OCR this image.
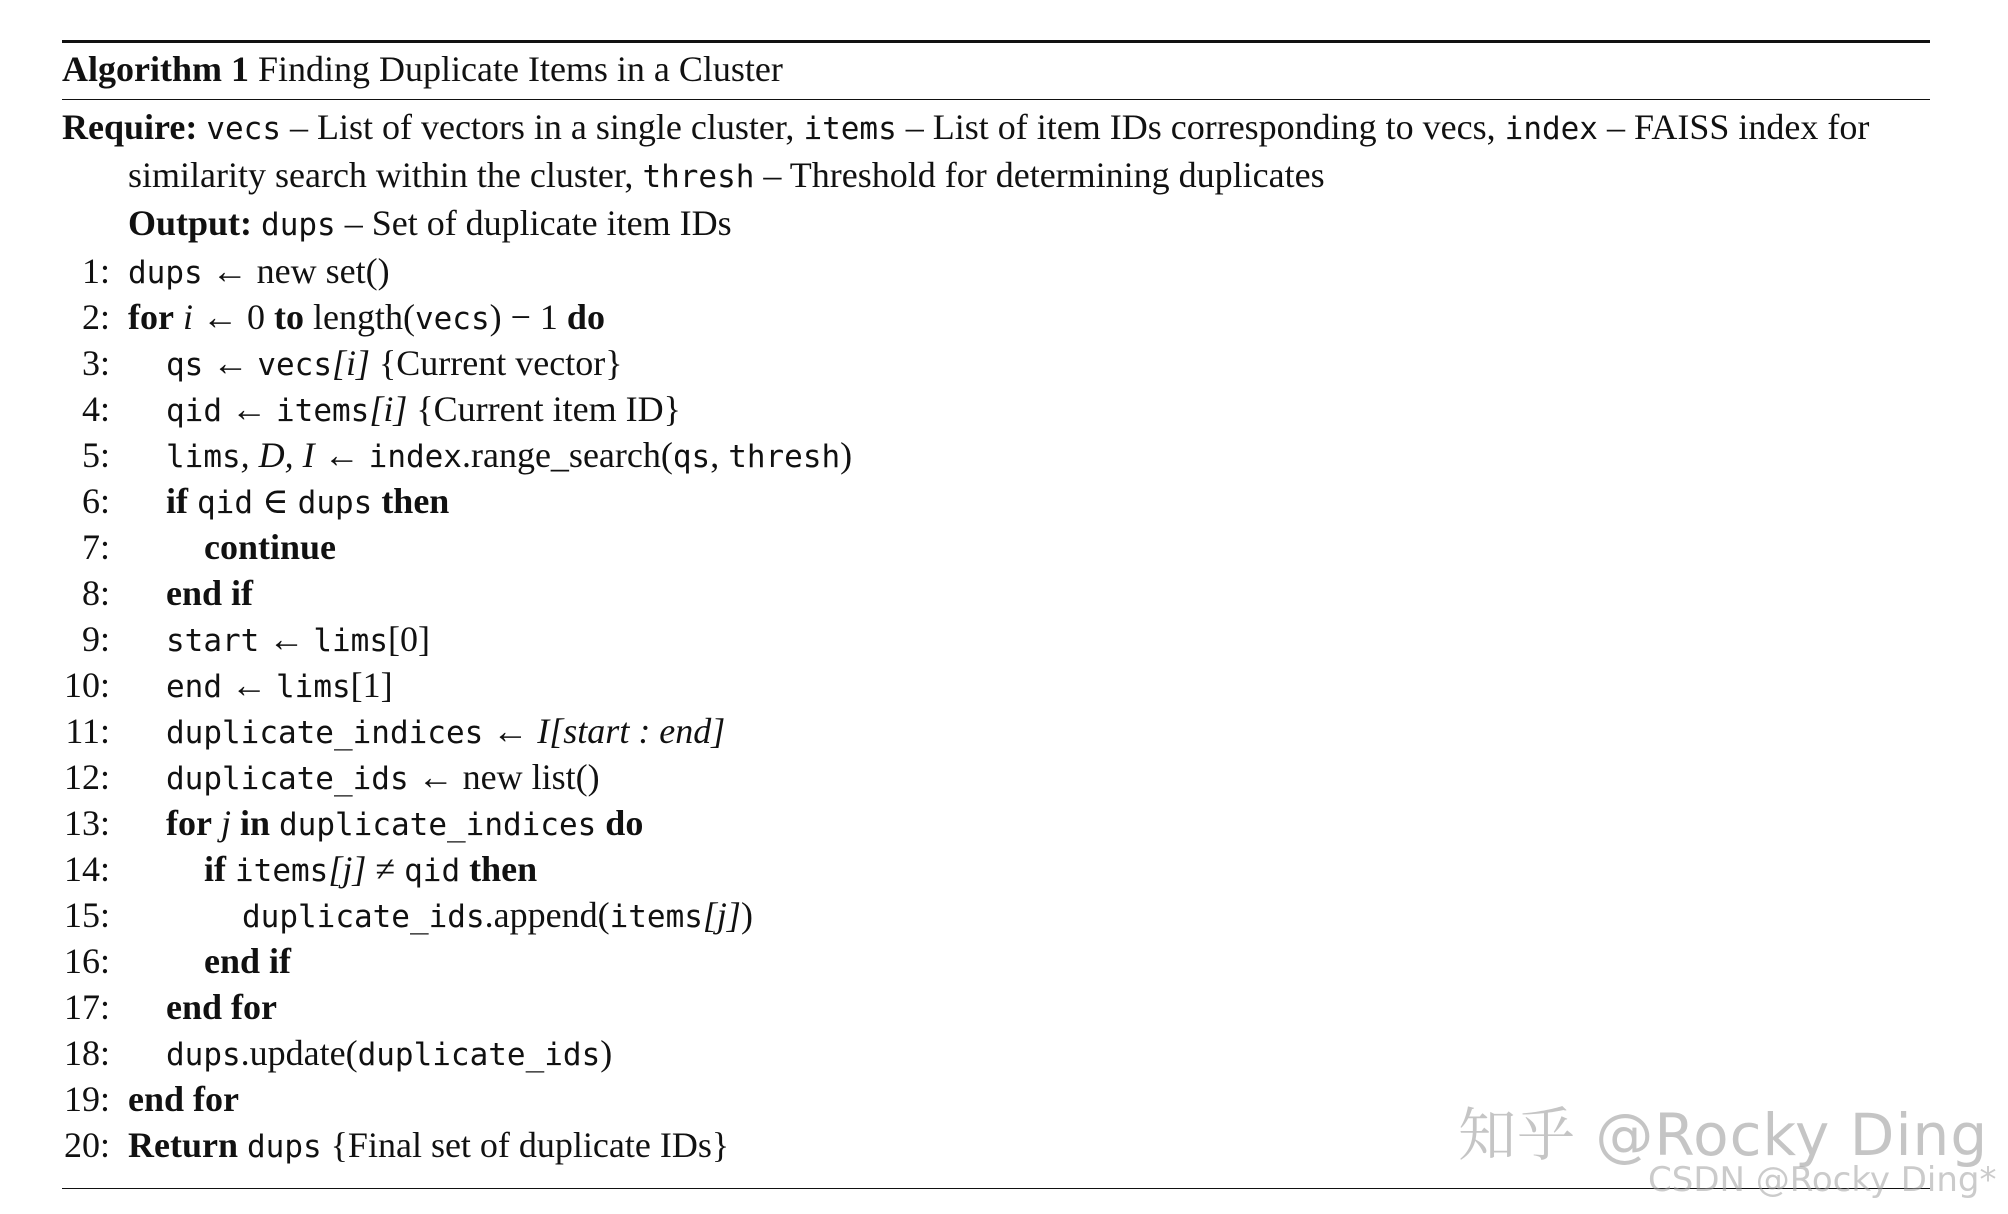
Algorithm 1 Finding Duplicate Items in a Cluster
Require: vecs – List of vectors in a single cluster, items – List of item IDs corresponding to vecs, index – FAISS index for similarity search within the cluster, thresh – Threshold for determining duplicates
Output: dups – Set of duplicate item IDs
1: dups ← new set()
2: for i ← 0 to length(vecs) − 1 do
3: qs ← vecs[i] {Current vector}
4: qid ← items[i] {Current item ID}
5: lims, D, I ← index.range_search(qs, thresh)
6: if qid ∈ dups then
7:	continue
8: end if
9: start ← lims[0]
10: end ← lims[1]
11: duplicate_indices ← I[start : end]
12: duplicate_ids ← new list()
13: for j in duplicate_indices do
14:	if items[j] ≠ qid then
15:	duplicate_ids.append(items[j])
16:	end if
17: end for
18: dups.update(duplicate_ids)
19: end for
20: Return dups {Final set of duplicate IDs}	知乎 @Rocky Ding
CSDN @Rocky Ding*
